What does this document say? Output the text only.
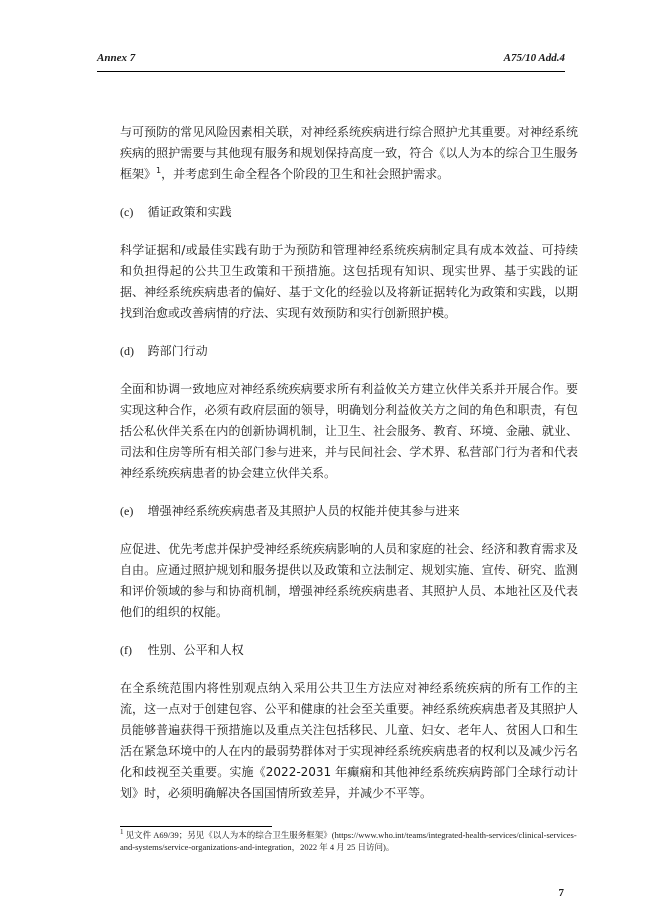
Annex 7	A75/10 Add.4

与可预防的常见风险因素相关联，对神经系统疾病进行综合照护尤其重要。对神经系统疾病的照护需要与其他现有服务和规划保持高度一致，符合《以人为本的综合卫生服务框架》$^1$，并考虑到生命全程各个阶段的卫生和社会照护需求。

(c) 循证政策和实践

科学证据和/或最佳实践有助于为预防和管理神经系统疾病制定具有成本效益、可持续和负担得起的公共卫生政策和干预措施。这包括现有知识、现实世界、基于实践的证据、神经系统疾病患者的偏好、基于文化的经验以及将新证据转化为政策和实践，以期找到治愈或改善病情的疗法、实现有效预防和实行创新照护模。

(d) 跨部门行动

全面和协调一致地应对神经系统疾病要求所有利益攸关方建立伙伴关系并开展合作。要实现这种合作，必须有政府层面的领导，明确划分利益攸关方之间的角色和职责，有包括公私伙伴关系在内的创新协调机制，让卫生、社会服务、教育、环境、金融、就业、司法和住房等所有相关部门参与进来，并与民间社会、学术界、私营部门行为者和代表神经系统疾病患者的协会建立伙伴关系。

(e) 增强神经系统疾病患者及其照护人员的权能并使其参与进来

应促进、优先考虑并保护受神经系统疾病影响的人员和家庭的社会、经济和教育需求及自由。应通过照护规划和服务提供以及政策和立法制定、规划实施、宣传、研究、监测和评价领域的参与和协商机制，增强神经系统疾病患者、其照护人员、本地社区及代表他们的组织的权能。

(f) 性别、公平和人权

在全系统范围内将性别观点纳入采用公共卫生方法应对神经系统疾病的所有工作的主流，这一点对于创建包容、公平和健康的社会至关重要。神经系统疾病患者及其照护人员能够普遍获得干预措施以及重点关注包括移民、儿童、妇女、老年人、贫困人口和生活在紧急环境中的人在内的最弱势群体对于实现神经系统疾病患者的权利以及减少污名化和歧视至关重要。实施《2022-2031 年癫痫和其他神经系统疾病跨部门全球行动计划》时，必须明确解决各国国情所致差异，并减少不平等。

$^1$ 见文件 A69/39；另见《以人为本的综合卫生服务框架》(https://www.who.int/teams/integrated-health-services/clinical-services-and-systems/service-organizations-and-integration，2022 年 4 月 25 日访问)。
7
